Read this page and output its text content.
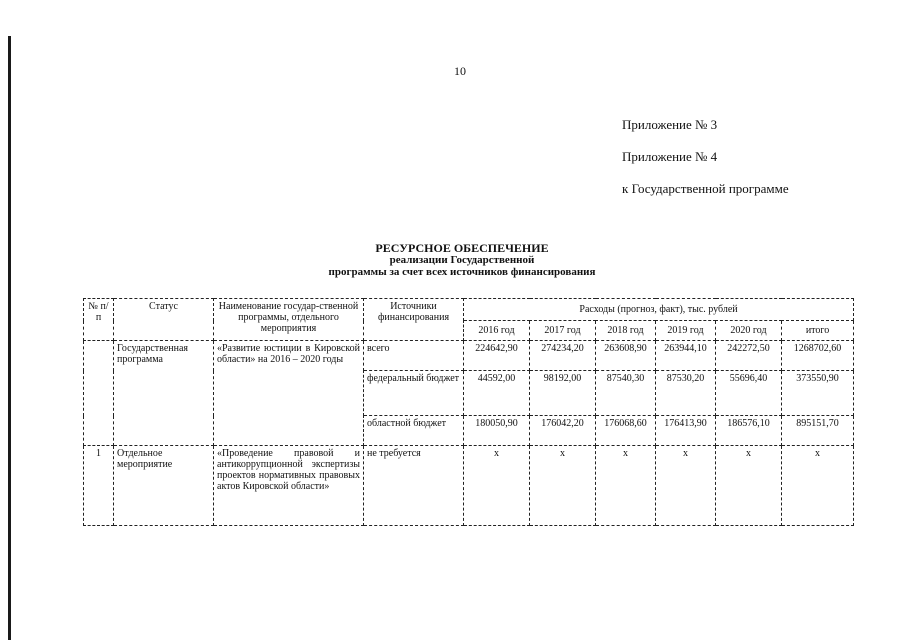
10
Приложение № 3
Приложение № 4
к Государственной программе
РЕСУРСНОЕ ОБЕСПЕЧЕНИЕ
реализации Государственной
программы за счет всех источников финансирования
№ п/п	Статус	Наименование государ-ственной программы, отдельного мероприятия	Источники финансирования	Расходы (прогноз, факт), тыс. рублей					
				2016 год	2017 год	2018 год	2019 год	2020 год	итого
	Государственная программа	«Развитие юстиции в Кировской области» на 2016 – 2020 годы	всего	224642,90	274234,20	263608,90	263944,10	242272,50	1268702,60
			федеральный бюджет	44592,00	98192,00	87540,30	87530,20	55696,40	373550,90
			областной бюджет	180050,90	176042,20	176068,60	176413,90	186576,10	895151,70
1	Отдельное мероприятие	«Проведение правовой и антикоррупционной экспертизы проектов нормативных правовых актов Кировской области»	не требуется	x	x	x	x	x	x
